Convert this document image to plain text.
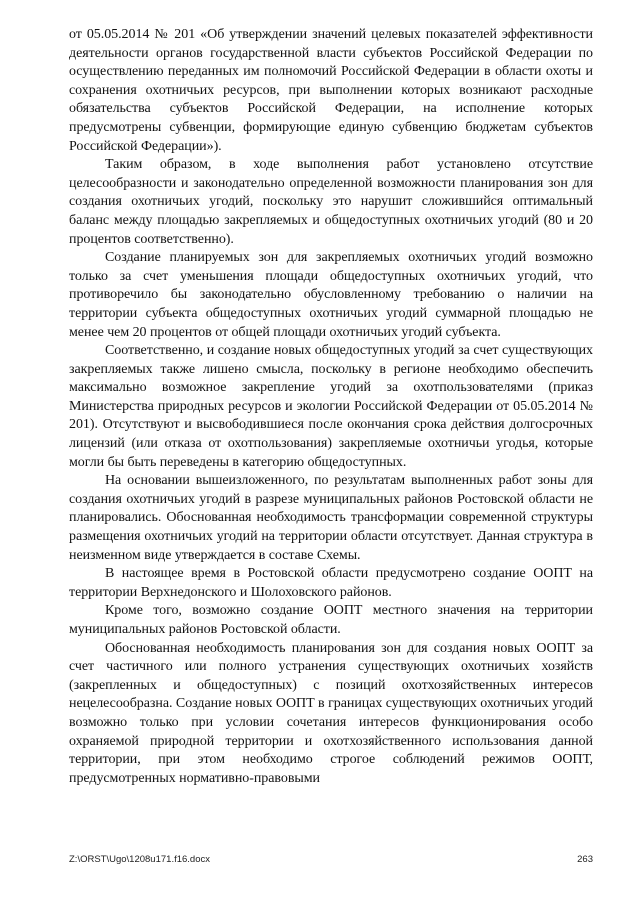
от 05.05.2014 № 201 «Об утверждении значений целевых показателей эффективности деятельности органов государственной власти субъектов Российской Федерации по осуществлению переданных им полномочий Российской Федерации в области охоты и сохранения охотничьих ресурсов, при выполнении которых возникают расходные обязательства субъектов Российской Федерации, на исполнение которых предусмотрены субвенции, формирующие единую субвенцию бюджетам субъектов Российской Федерации»).

Таким образом, в ходе выполнения работ установлено отсутствие целесообразности и законодательно определенной возможности планирования зон для создания охотничьих угодий, поскольку это нарушит сложившийся оптимальный баланс между площадью закрепляемых и общедоступных охотничьих угодий (80 и 20 процентов соответственно).

Создание планируемых зон для закрепляемых охотничьих угодий возможно только за счет уменьшения площади общедоступных охотничьих угодий, что противоречило бы законодательно обусловленному требованию о наличии на территории субъекта общедоступных охотничьих угодий суммарной площадью не менее чем 20 процентов от общей площади охотничьих угодий субъекта.

Соответственно, и создание новых общедоступных угодий за счет существующих закрепляемых также лишено смысла, поскольку в регионе необходимо обеспечить максимально возможное закрепление угодий за охотпользователями (приказ Министерства природных ресурсов и экологии Российской Федерации от 05.05.2014 № 201). Отсутствуют и высвободившиеся после окончания срока действия долгосрочных лицензий (или отказа от охотпользования) закрепляемые охотничьи угодья, которые могли бы быть переведены в категорию общедоступных.

На основании вышеизложенного, по результатам выполненных работ зоны для создания охотничьих угодий в разрезе муниципальных районов Ростовской области не планировались. Обоснованная необходимость трансформации современной структуры размещения охотничьих угодий на территории области отсутствует. Данная структура в неизменном виде утверждается в составе Схемы.

В настоящее время в Ростовской области предусмотрено создание ООПТ на территории Верхнедонского и Шолоховского районов.

Кроме того, возможно создание ООПТ местного значения на территории муниципальных районов Ростовской области.

Обоснованная необходимость планирования зон для создания новых ООПТ за счет частичного или полного устранения существующих охотничьих хозяйств (закрепленных и общедоступных) с позиций охотхозяйственных интересов нецелесообразна. Создание новых ООПТ в границах существующих охотничьих угодий возможно только при условии сочетания интересов функционирования особо охраняемой природной территории и охотхозяйственного использования данной территории, при этом необходимо строгое соблюдений режимов ООПТ, предусмотренных нормативно-правовыми

Z:\ORST\Ugo\1208u171.f16.docx	263
